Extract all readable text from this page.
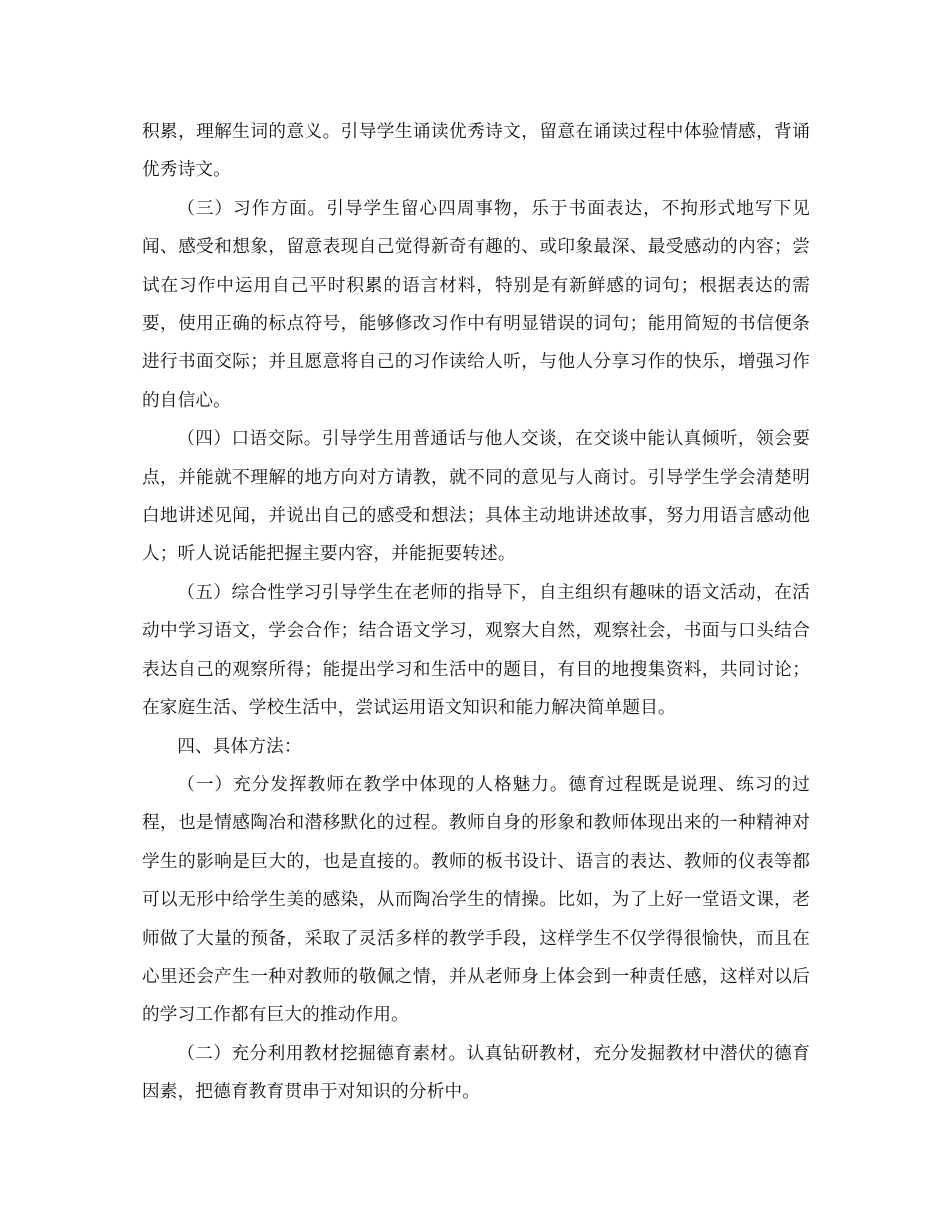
积累，理解生词的意义。引导学生诵读优秀诗文，留意在诵读过程中体验情感，背诵优秀诗文。

（三）习作方面。引导学生留心四周事物，乐于书面表达，不拘形式地写下见闻、感受和想象，留意表现自己觉得新奇有趣的、或印象最深、最受感动的内容；尝试在习作中运用自己平时积累的语言材料，特别是有新鲜感的词句；根据表达的需要，使用正确的标点符号，能够修改习作中有明显错误的词句；能用简短的书信便条进行书面交际；并且愿意将自己的习作读给人听，与他人分享习作的快乐，增强习作的自信心。

（四）口语交际。引导学生用普通话与他人交谈，在交谈中能认真倾听，领会要点，并能就不理解的地方向对方请教，就不同的意见与人商讨。引导学生学会清楚明白地讲述见闻，并说出自己的感受和想法；具体主动地讲述故事，努力用语言感动他人；听人说话能把握主要内容，并能扼要转述。

（五）综合性学习引导学生在老师的指导下，自主组织有趣味的语文活动，在活动中学习语文，学会合作；结合语文学习，观察大自然，观察社会，书面与口头结合表达自己的观察所得；能提出学习和生活中的题目，有目的地搜集资料，共同讨论；在家庭生活、学校生活中，尝试运用语文知识和能力解决简单题目。

四、具体方法：

（一）充分发挥教师在教学中体现的人格魅力。德育过程既是说理、练习的过程，也是情感陶冶和潜移默化的过程。教师自身的形象和教师体现出来的一种精神对学生的影响是巨大的，也是直接的。教师的板书设计、语言的表达、教师的仪表等都可以无形中给学生美的感染，从而陶冶学生的情操。比如，为了上好一堂语文课，老师做了大量的预备，采取了灵活多样的教学手段，这样学生不仅学得很愉快，而且在心里还会产生一种对教师的敬佩之情，并从老师身上体会到一种责任感，这样对以后的学习工作都有巨大的推动作用。

（二）充分利用教材挖掘德育素材。认真钻研教材，充分发掘教材中潜伏的德育因素，把德育教育贯串于对知识的分析中。
